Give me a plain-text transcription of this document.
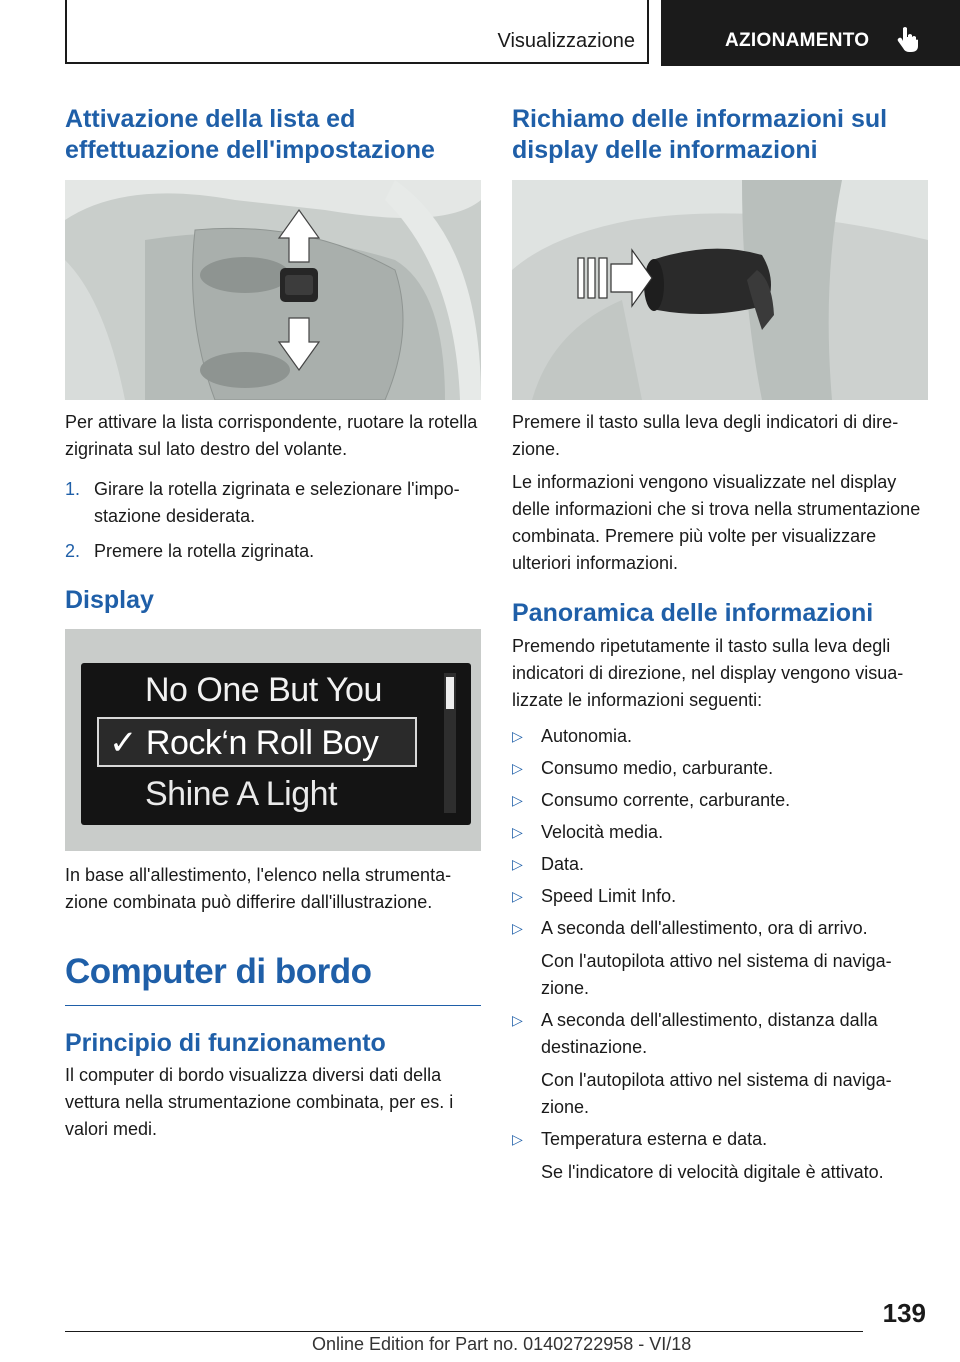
Visualizzazione	AZIONAMENTO
Attivazione della lista ed effettuazione dell'impostazione

Per attivare la lista corrispondente, ruotare la rotella zigrinata sul lato destro del volante.

1. Girare la rotella zigrinata e selezionare l'impostazione desiderata.
2. Premere la rotella zigrinata.
Display
No One But You
✓ Rock‘n Roll Boy
Shine A Light

In base all'allestimento, l'elenco nella strumentazione combinata può differire dall'illustrazione.

Computer di bordo
Principio di funzionamento

Il computer di bordo visualizza diversi dati della vettura nella strumentazione combinata, per es. i valori medi.

Richiamo delle informazioni sul display delle informazioni

Premere il tasto sulla leva degli indicatori di direzione.

Le informazioni vengono visualizzate nel display delle informazioni che si trova nella strumentazione combinata. Premere più volte per visualizzare ulteriori informazioni.

Panoramica delle informazioni

Premendo ripetutamente il tasto sulla leva degli indicatori di direzione, nel display vengono visualizzate le informazioni seguenti:

▷ Autonomia.
▷ Consumo medio, carburante.
▷ Consumo corrente, carburante.
▷ Velocità media.
▷ Data.
▷ Speed Limit Info.
▷ A seconda dell'allestimento, ora di arrivo.
Con l'autopilota attivo nel sistema di navigazione.
▷ A seconda dell'allestimento, distanza dalla destinazione.
Con l'autopilota attivo nel sistema di navigazione.
▷ Temperatura esterna e data.
Se l'indicatore di velocità digitale è attivato.
139
Online Edition for Part no. 01402722958 - VI/18
